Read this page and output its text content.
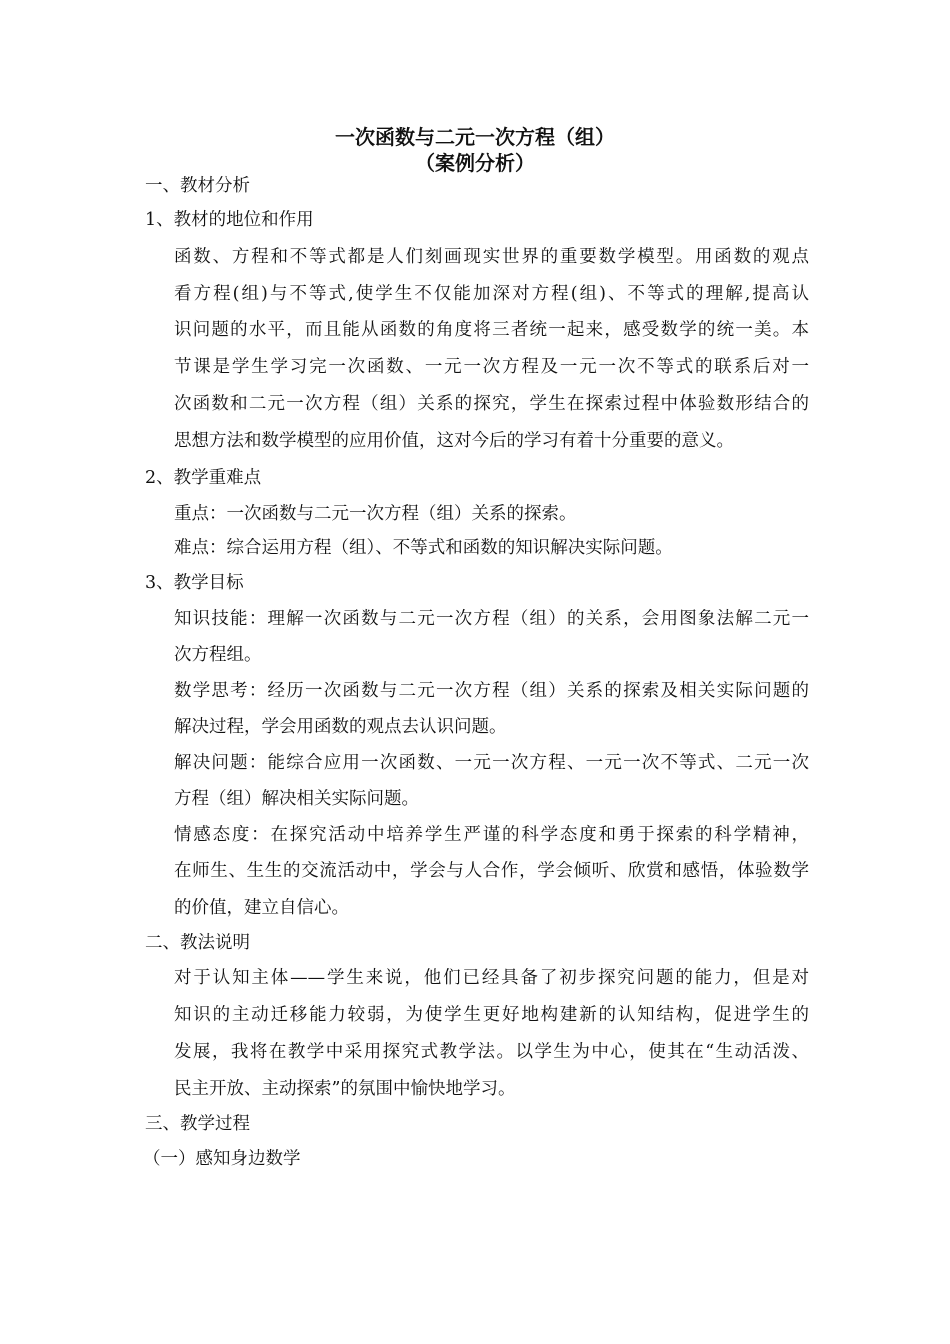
一次函数与二元一次方程（组）
（案例分析）
一、教材分析
1、教材的地位和作用
函数、方程和不等式都是人们刻画现实世界的重要数学模型。用函数的观点
看方程(组)与不等式,使学生不仅能加深对方程(组)、不等式的理解,提高认
识问题的水平，而且能从函数的角度将三者统一起来，感受数学的统一美。本
节课是学生学习完一次函数、一元一次方程及一元一次不等式的联系后对一
次函数和二元一次方程（组）关系的探究，学生在探索过程中体验数形结合的
思想方法和数学模型的应用价值，这对今后的学习有着十分重要的意义。
2、教学重难点
重点：一次函数与二元一次方程（组）关系的探索。
难点：综合运用方程（组）、不等式和函数的知识解决实际问题。
3、教学目标
知识技能：理解一次函数与二元一次方程（组）的关系，会用图象法解二元一
次方程组。
数学思考：经历一次函数与二元一次方程（组）关系的探索及相关实际问题的
解决过程，学会用函数的观点去认识问题。
解决问题：能综合应用一次函数、一元一次方程、一元一次不等式、二元一次
方程（组）解决相关实际问题。
情感态度：在探究活动中培养学生严谨的科学态度和勇于探索的科学精神，
在师生、生生的交流活动中，学会与人合作，学会倾听、欣赏和感悟，体验数学
的价值，建立自信心。
二、教法说明
对于认知主体——学生来说，他们已经具备了初步探究问题的能力，但是对
知识的主动迁移能力较弱，为使学生更好地构建新的认知结构，促进学生的
发展，我将在教学中采用探究式教学法。以学生为中心，使其在“生动活泼、
民主开放、主动探索”的氛围中愉快地学习。
三、教学过程
（一）感知身边数学
